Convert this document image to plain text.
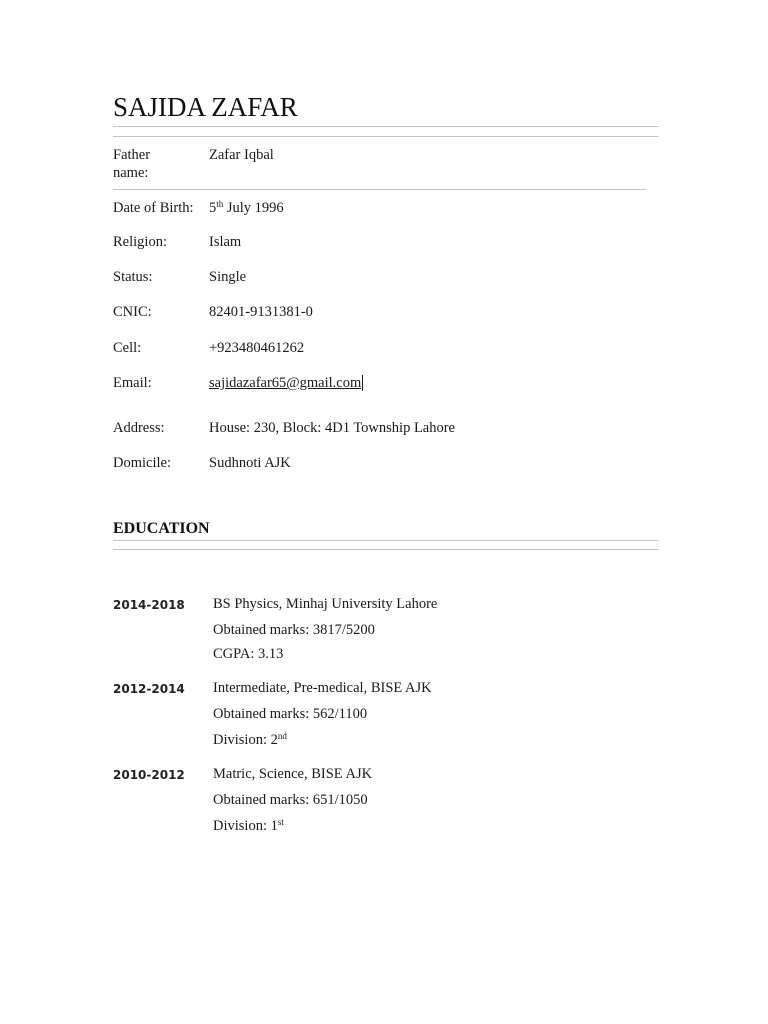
SAJIDA ZAFAR
Father name:
Zafar Iqbal
Date of Birth:	5th July 1996
Religion:	Islam
Status:	Single
CNIC:	82401-9131381-0
Cell:	+923480461262
Email:	sajidazafar65@gmail.com
Address:	House: 230, Block: 4D1 Township Lahore
Domicile:	Sudhnoti AJK
EDUCATION
2014-2018 BS Physics, Minhaj University Lahore
Obtained marks: 3817/5200
CGPA: 3.13
2012-2014 Intermediate, Pre-medical, BISE AJK
Obtained marks: 562/1100
Division: 2nd
2010-2012 Matric, Science, BISE AJK
Obtained marks: 651/1050
Division: 1st
